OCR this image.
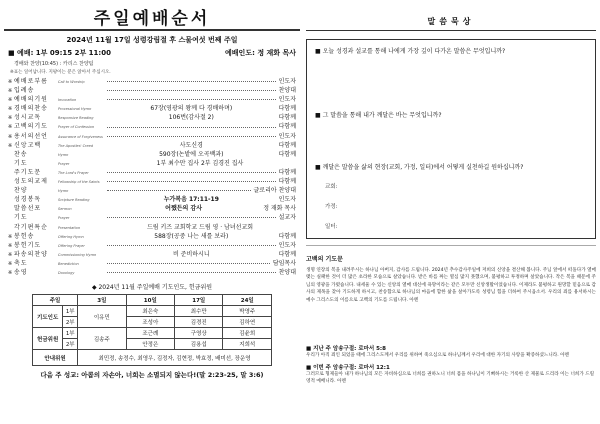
주일예배순서
2024년 11월 17일 성령강림절 후 스물여섯 번째 주일
■ 예배: 1부 09:15 2부 11:00	예배인도: 정 재화 목사
경배와 찬양(10:45) : 카리스 찬양팀
※표는 일어납니다. 지팡이는 분은 앉아서 주십시오.
※ 예배로부름	Call to Worship	인도자
※ 입례송	찬양대
※ 예배의기원	Invocation	인도자
※ 경배의찬송	Processional Hymn	67장(영광의 왕께 다 경배하며)	다함께
※ 성시교독	Responsive Reading	106번(감사절 2)	다함께
※ 고백의기도	Prayer of Confession	다함께
※ 용서의선언	Assurance of Forgiveness	인도자
※ 신앙고백	The Apostles' Creed	사도신경	다함께
찬송	Hymn	590장(논밭에 오곡백과)	다함께
기도	Prayer	1부 최수만 집사 2부 김경진 집사
주기도문	The Lord's Prayer	다함께
성도의교제	Fellowship of the Saints	다함께
찬양	Hymn	글로리아 찬양대
성경봉독	Scripture Reading	누가복음 17:11-19	인도자
말씀선포	Sermon	어쨌든의 감사	정 재화 목사
기도	Prayer	설교자
각기편특순	Presentation	드림 키즈 교회학교 드림 영 · 남녀선교회
※ 봉헌송	Offering Hymn	588장(공중 나는 새를 보라)	다함께
※ 봉헌기도	Offering Prayer	인도자
※ 파송의찬양	Commissioning Hymn	비 준비하시니	다함께
※ 축도	Benediction	담임목사
※ 송영	Doxology	찬양대
◆ 2024년 11월 주일예배 기도인도, 헌금위원
주일		3일	10일	17일	24일
기도인도	1부	이유민	최은숙	최수만	박영주
	2부		조성아	김경진	김하연
헌금위원	1부	김송주	조근례	구영상	김윤희
	2부		안정은	김용섭	지희석
안내위원		최민정, 송정수, 최영우, 김정자, 김현정, 박효정, 배미선, 장운영			
다음 주 성교: 아콥의 자손아, 너희는 소멸되지 않는다!(말 2:23-25, 말 3:6)
말씀묵상
■ 오늘 성경과 설교를 통해 나에게 가장 깊이 다가온 말씀은 무엇입니까?
■ 그 말씀을 통해 내가 깨달은 바는 무엇입니까?
■ 깨달은 말씀을 삶의 현장(교회, 가정, 일터)에서 어떻게 실천하길 원하십니까?
교회:
가정:
일터:
고백의 기도문
생명 연장의 복을 내려주시는 하나님 아버지, 감사를 드립니다. 2024년 추수감사주일에 저희의 신앙을 결산해 봅니다. 주님 앞에서 떠돌다가 열매맺는 실패한 것이 더 많은 초라한 모습으로 살았습니다. 받은 바를 짜는 열심 많지 못했으며, 불평하고 투정하며 살았습니다. 작은 복을 때문에 주님의 영광을 가렸습니다. 내세울 수 있는 신앙의 열매 대신에 욕망이라는 같은 모두만 신앙생활이었습니다. 이제라도 불평하고 원망할 믿음으로 감사의 제목을 찾아 기도하게 하시고, 찬송함으로 하나님의 마음에 합한 삶을 살아가도록 성령님 힘을 더하여 주시옵소서. 우리의 죄를 용서하시는 예수 그리스도의 이름으로 고백의 기도를 드립니다. 아멘
■ 지난 주 암송구절: 로마서 5:8
우리가 아직 죄인 되었을 때에 그리스도께서 우리를 위하여 죽으심으로 하나님께서 우리에 대한 자기의 사랑을 확증하셨느니라. 아멘
■ 이번 주 암송구절: 로마서 12:1
그러므로 형제들아 내가 하나님의 모든 자비하심으로 너희를 권하노니 너희 몸을 하나님이 기뻐하시는 거룩한 산 제물로 드리라 이는 너희가 드릴 영적 예배니라. 아멘
